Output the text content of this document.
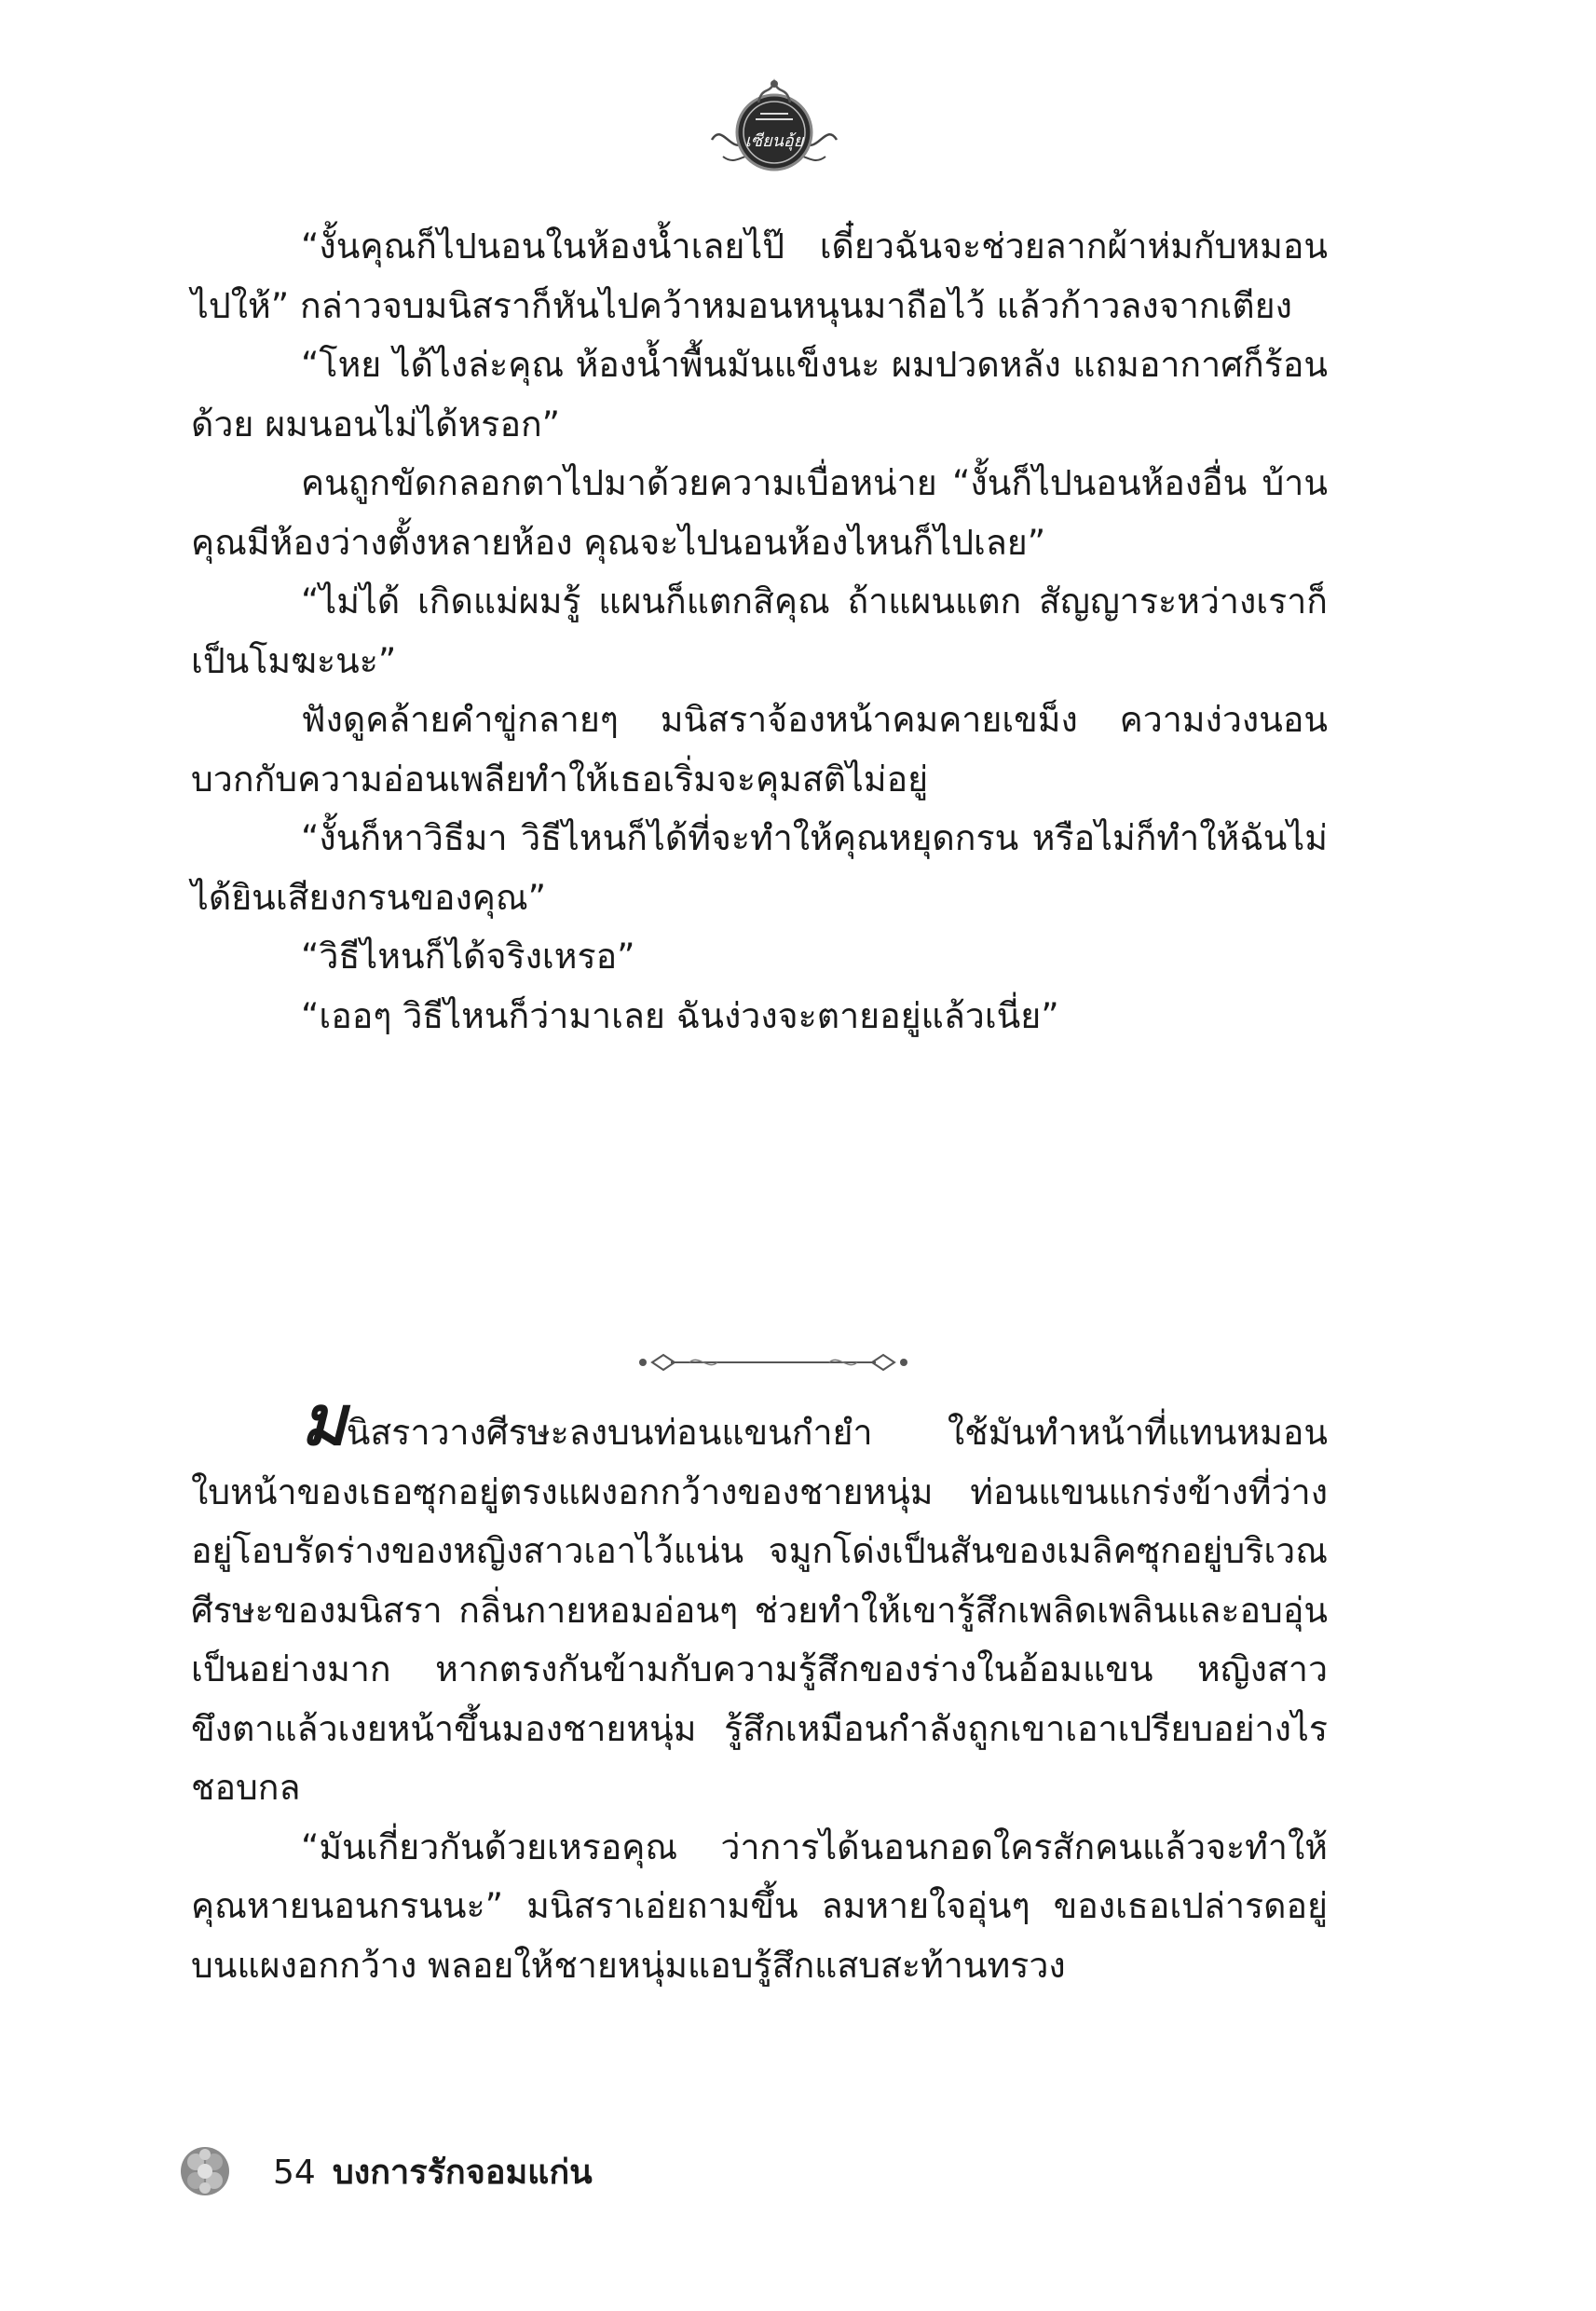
เซียนอุ้ย

“งั้นคุณก็ไปนอนในห้องน้ำเลยไป๊ เดี๋ยวฉันจะช่วยลากผ้าห่มกับหมอนไปให้” กล่าวจบมนิสราก็หันไปคว้าหมอนหนุนมาถือไว้ แล้วก้าวลงจากเตียง

“โหย ได้ไงล่ะคุณ ห้องน้ำพื้นมันแข็งนะ ผมปวดหลัง แถมอากาศก็ร้อนด้วย ผมนอนไม่ได้หรอก”

คนถูกขัดกลอกตาไปมาด้วยความเบื่อหน่าย “งั้นก็ไปนอนห้องอื่น บ้านคุณมีห้องว่างตั้งหลายห้อง คุณจะไปนอนห้องไหนก็ไปเลย”

“ไม่ได้ เกิดแม่ผมรู้ แผนก็แตกสิคุณ ถ้าแผนแตก สัญญาระหว่างเราก็เป็นโมฆะนะ”

ฟังดูคล้ายคำขู่กลายๆ มนิสราจ้องหน้าคมคายเขม็ง ความง่วงนอนบวกกับความอ่อนเพลียทำให้เธอเริ่มจะคุมสติไม่อยู่

“งั้นก็หาวิธีมา วิธีไหนก็ได้ที่จะทำให้คุณหยุดกรน หรือไม่ก็ทำให้ฉันไม่ได้ยินเสียงกรนของคุณ”

“วิธีไหนก็ได้จริงเหรอ”

“เออๆ วิธีไหนก็ว่ามาเลย ฉันง่วงจะตายอยู่แล้วเนี่ย”

มนิสราวางศีรษะลงบนท่อนแขนกำยำ ใช้มันทำหน้าที่แทนหมอน ใบหน้าของเธอซุกอยู่ตรงแผงอกกว้างของชายหนุ่ม ท่อนแขนแกร่งข้างที่ว่างอยู่โอบรัดร่างของหญิงสาวเอาไว้แน่น จมูกโด่งเป็นสันของเมลิคซุกอยู่บริเวณศีรษะของมนิสรา กลิ่นกายหอมอ่อนๆ ช่วยทำให้เขารู้สึกเพลิดเพลินและอบอุ่นเป็นอย่างมาก หากตรงกันข้ามกับความรู้สึกของร่างในอ้อมแขน หญิงสาวขึงตาแล้วเงยหน้าขึ้นมองชายหนุ่ม รู้สึกเหมือนกำลังถูกเขาเอาเปรียบอย่างไรชอบกล

“มันเกี่ยวกันด้วยเหรอคุณ ว่าการได้นอนกอดใครสักคนแล้วจะทำให้คุณหายนอนกรนนะ” มนิสราเอ่ยถามขึ้น ลมหายใจอุ่นๆ ของเธอเปล่ารดอยู่บนแผงอกกว้าง พลอยให้ชายหนุ่มแอบรู้สึกแสบสะท้านทรวง

54 บงการรักจอมแก่น
